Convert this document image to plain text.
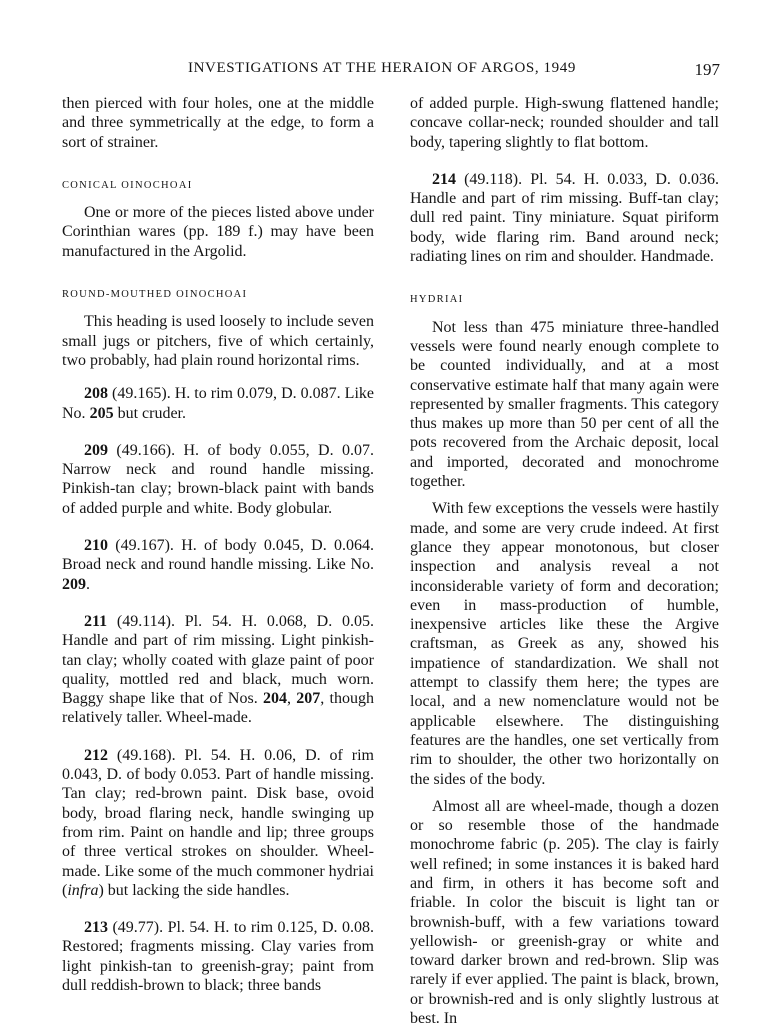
INVESTIGATIONS AT THE HERAION OF ARGOS, 1949	197

then pierced with four holes, one at the middle and three symmetrically at the edge, to form a sort of strainer.

CONICAL OINOCHOAI

One or more of the pieces listed above under Corinthian wares (pp. 189 f.) may have been manufactured in the Argolid.

ROUND-MOUTHED OINOCHOAI

This heading is used loosely to include seven small jugs or pitchers, five of which certainly, two probably, had plain round horizontal rims.

208 (49.165). H. to rim 0.079, D. 0.087. Like No. 205 but cruder.

209 (49.166). H. of body 0.055, D. 0.07. Narrow neck and round handle missing. Pinkish-tan clay; brown-black paint with bands of added purple and white. Body globular.

210 (49.167). H. of body 0.045, D. 0.064. Broad neck and round handle missing. Like No. 209.

211 (49.114). Pl. 54. H. 0.068, D. 0.05. Handle and part of rim missing. Light pinkish-tan clay; wholly coated with glaze paint of poor quality, mottled red and black, much worn. Baggy shape like that of Nos. 204, 207, though relatively taller. Wheel-made.

212 (49.168). Pl. 54. H. 0.06, D. of rim 0.043, D. of body 0.053. Part of handle missing. Tan clay; red-brown paint. Disk base, ovoid body, broad flaring neck, handle swinging up from rim. Paint on handle and lip; three groups of three vertical strokes on shoulder. Wheel-made. Like some of the much commoner hydriai (infra) but lacking the side handles.

213 (49.77). Pl. 54. H. to rim 0.125, D. 0.08. Restored; fragments missing. Clay varies from light pinkish-tan to greenish-gray; paint from dull reddish-brown to black; three bands

of added purple. High-swung flattened handle; concave collar-neck; rounded shoulder and tall body, tapering slightly to flat bottom.

214 (49.118). Pl. 54. H. 0.033, D. 0.036. Handle and part of rim missing. Buff-tan clay; dull red paint. Tiny miniature. Squat piriform body, wide flaring rim. Band around neck; radiating lines on rim and shoulder. Handmade.

HYDRIAI

Not less than 475 miniature three-handled vessels were found nearly enough complete to be counted individually, and at a most conservative estimate half that many again were represented by smaller fragments. This category thus makes up more than 50 per cent of all the pots recovered from the Archaic deposit, local and imported, decorated and monochrome together.

With few exceptions the vessels were hastily made, and some are very crude indeed. At first glance they appear monotonous, but closer inspection and analysis reveal a not inconsiderable variety of form and decoration; even in mass-production of humble, inexpensive articles like these the Argive craftsman, as Greek as any, showed his impatience of standardization. We shall not attempt to classify them here; the types are local, and a new nomenclature would not be applicable elsewhere. The distinguishing features are the handles, one set vertically from rim to shoulder, the other two horizontally on the sides of the body.

Almost all are wheel-made, though a dozen or so resemble those of the handmade monochrome fabric (p. 205). The clay is fairly well refined; in some instances it is baked hard and firm, in others it has become soft and friable. In color the biscuit is light tan or brownish-buff, with a few variations toward yellowish- or greenish-gray or white and toward darker brown and red-brown. Slip was rarely if ever applied. The paint is black, brown, or brownish-red and is only slightly lustrous at best. In
